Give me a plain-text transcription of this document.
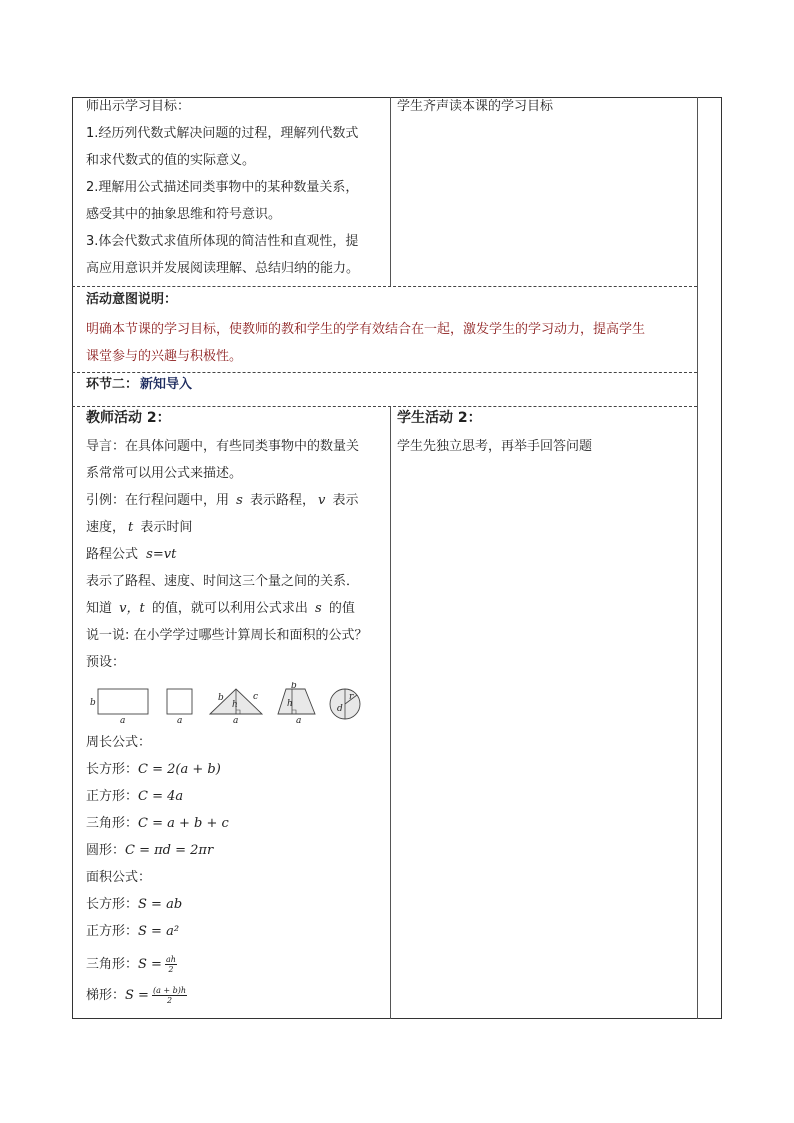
师出示学习目标：
1.经历列代数式解决问题的过程，理解列代数式
和求代数式的值的实际意义。
2.理解用公式描述同类事物中的某种数量关系，
感受其中的抽象思维和符号意识。
3.体会代数式求值所体现的简洁性和直观性，提
高应用意识并发展阅读理解、总结归纳的能力。
学生齐声读本课的学习目标
活动意图说明：
明确本节课的学习目标，使教师的教和学生的学有效结合在一起，激发学生的学习动力，提高学生
课堂参与的兴趣与积极性。
环节二： 新知导入
教师活动 2：
导言：在具体问题中，有些同类事物中的数量关
系常常可以用公式来描述。
引例：在行程问题中，用 s 表示路程， v 表示
速度， t 表示时间
路程公式 s=vt
表示了路程、速度、时间这三个量之间的关系．
知道 v，t 的值，就可以利用公式求出 s 的值
说一说: 在小学学过哪些计算周长和面积的公式？
预设：
b
a	a
b
h
c
a
b
h
a
d
r
周长公式：
长方形：C = 2(a + b)
正方形：C = 4a
三角形：C = a + b + c
圆形：C = πd = 2πr
面积公式：
长方形：S = ab
正方形：S = a²
三角形：$S = \frac{ah}{2}$
梯形：$S = \frac{(a + b)h}{2}$
学生活动 2：
学生先独立思考，再举手回答问题
